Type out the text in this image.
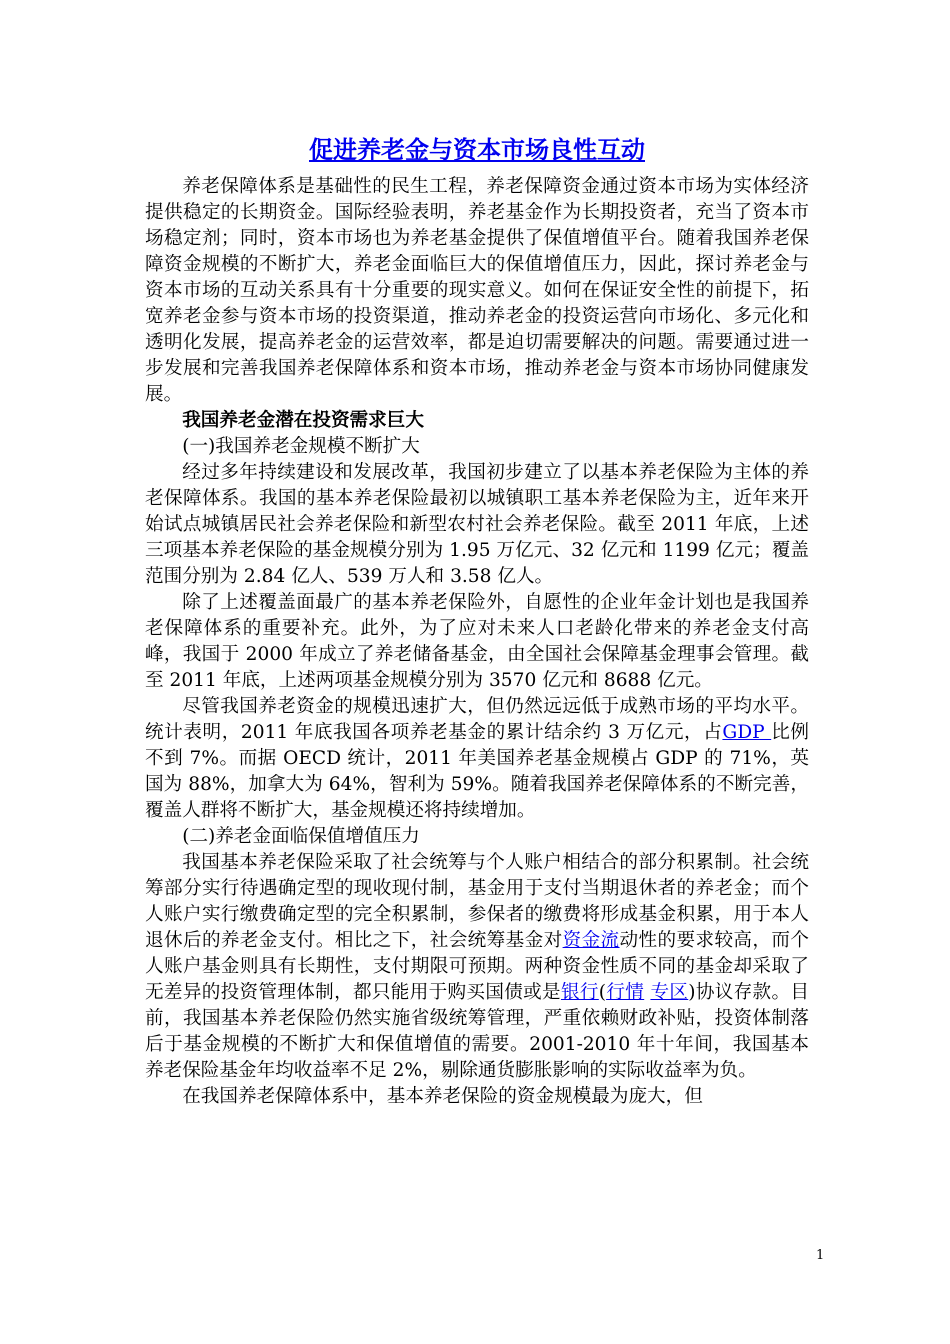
促进养老金与资本市场良性互动

养老保障体系是基础性的民生工程，养老保障资金通过资本市场为实体经济提供稳定的长期资金。国际经验表明，养老基金作为长期投资者，充当了资本市场稳定剂；同时，资本市场也为养老基金提供了保值增值平台。随着我国养老保障资金规模的不断扩大，养老金面临巨大的保值增值压力，因此，探讨养老金与资本市场的互动关系具有十分重要的现实意义。如何在保证安全性的前提下，拓宽养老金参与资本市场的投资渠道，推动养老金的投资运营向市场化、多元化和透明化发展，提高养老金的运营效率，都是迫切需要解决的问题。需要通过进一步发展和完善我国养老保障体系和资本市场，推动养老金与资本市场协同健康发展。

我国养老金潜在投资需求巨大

(一)我国养老金规模不断扩大

经过多年持续建设和发展改革，我国初步建立了以基本养老保险为主体的养老保障体系。我国的基本养老保险最初以城镇职工基本养老保险为主，近年来开始试点城镇居民社会养老保险和新型农村社会养老保险。截至 2011 年底，上述三项基本养老保险的基金规模分别为 1.95 万亿元、32 亿元和 1199 亿元；覆盖范围分别为 2.84 亿人、539 万人和 3.58 亿人。

除了上述覆盖面最广的基本养老保险外，自愿性的企业年金计划也是我国养老保障体系的重要补充。此外，为了应对未来人口老龄化带来的养老金支付高峰，我国于 2000 年成立了养老储备基金，由全国社会保障基金理事会管理。截至 2011 年底，上述两项基金规模分别为 3570 亿元和 8688 亿元。

尽管我国养老资金的规模迅速扩大，但仍然远远低于成熟市场的平均水平。统计表明，2011 年底我国各项养老基金的累计结余约 3 万亿元，占GDP 比例不到 7%。而据 OECD 统计，2011 年美国养老基金规模占 GDP 的 71%，英国为 88%，加拿大为 64%，智利为 59%。随着我国养老保障体系的不断完善，覆盖人群将不断扩大，基金规模还将持续增加。

(二)养老金面临保值增值压力

我国基本养老保险采取了社会统筹与个人账户相结合的部分积累制。社会统筹部分实行待遇确定型的现收现付制，基金用于支付当期退休者的养老金；而个人账户实行缴费确定型的完全积累制，参保者的缴费将形成基金积累，用于本人退休后的养老金支付。相比之下，社会统筹基金对资金流动性的要求较高，而个人账户基金则具有长期性，支付期限可预期。两种资金性质不同的基金却采取了无差异的投资管理体制，都只能用于购买国债或是银行(行情 专区)协议存款。目前，我国基本养老保险仍然实施省级统筹管理，严重依赖财政补贴，投资体制落后于基金规模的不断扩大和保值增值的需要。2001-2010 年十年间，我国基本养老保险基金年均收益率不足 2%，剔除通货膨胀影响的实际收益率为负。

在我国养老保障体系中，基本养老保险的资金规模最为庞大，但

1
